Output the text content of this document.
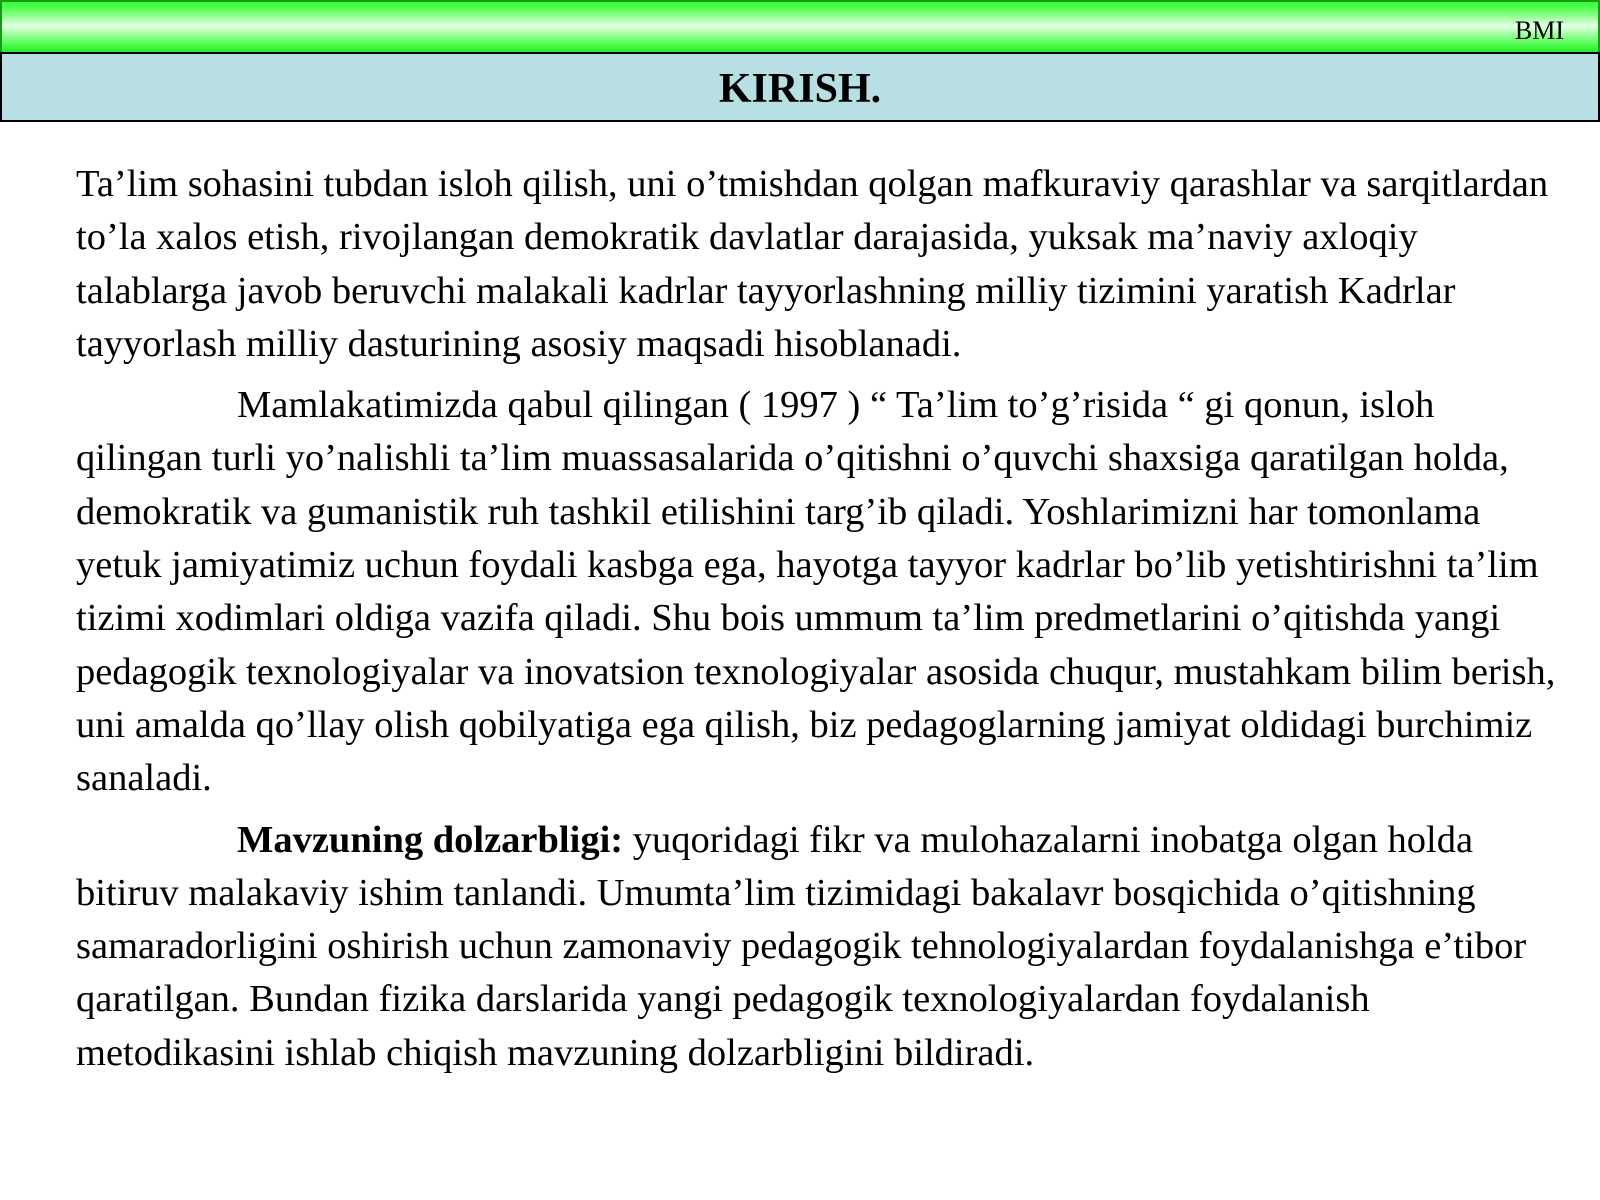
BMI
KIRISH.

Ta’lim sohasini tubdan isloh qilish, uni o’tmishdan qolgan mafkuraviy qarashlar va sarqitlardan to’la xalos etish, rivojlangan demokratik davlatlar darajasida, yuksak ma’naviy axloqiy talablarga javob beruvchi malakali kadrlar tayyorlashning milliy tizimini yaratish Kadrlar tayyorlash milliy dasturining asosiy maqsadi hisoblanadi.

Mamlakatimizda qabul qilingan ( 1997 ) “ Ta’lim to’g’risida “ gi qonun, isloh qilingan turli yo’nalishli ta’lim muassasalarida o’qitishni o’quvchi shaxsiga qaratilgan holda, demokratik va gumanistik ruh tashkil etilishini targ’ib qiladi. Yoshlarimizni har tomonlama yetuk jamiyatimiz uchun foydali kasbga ega, hayotga tayyor kadrlar bo’lib yetishtirishni ta’lim tizimi xodimlari oldiga vazifa qiladi. Shu bois ummum ta’lim predmetlarini o’qitishda yangi pedagogik texnologiyalar va inovatsion texnologiyalar asosida chuqur, mustahkam bilim berish, uni amalda qo’llay olish qobilyatiga ega qilish, biz pedagoglarning jamiyat oldidagi burchimiz sanaladi.

Mavzuning dolzarbligi: yuqoridagi fikr va mulohazalarni inobatga olgan holda bitiruv malakaviy ishim tanlandi. Umumta’lim tizimidagi bakalavr bosqichida o’qitishning samaradorligini oshirish uchun zamonaviy pedagogik tehnologiyalardan foydalanishga e’tibor qaratilgan. Bundan fizika darslarida yangi pedagogik texnologiyalardan foydalanish metodikasini ishlab chiqish mavzuning dolzarbligini bildiradi.
